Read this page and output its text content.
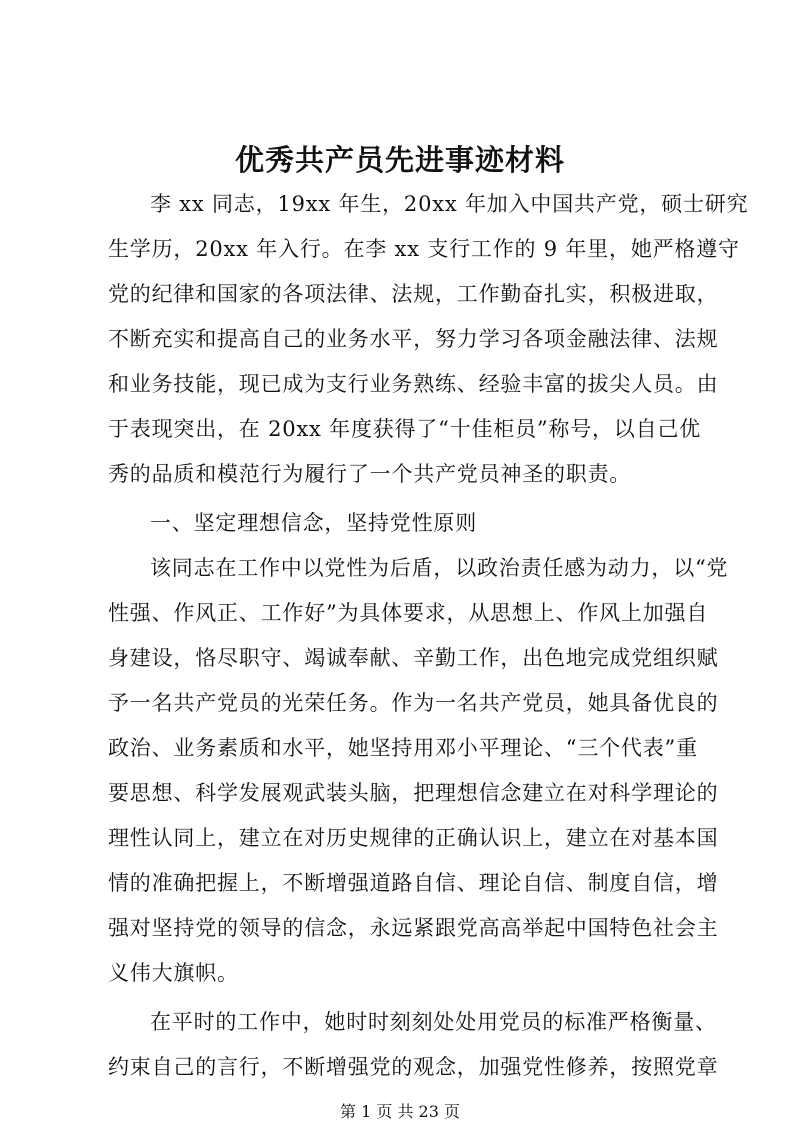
优秀共产员先进事迹材料
李 xx 同志，19xx 年生，20xx 年加入中国共产党，硕士研究
生学历，20xx 年入行。在李 xx 支行工作的 9 年里，她严格遵守
党的纪律和国家的各项法律、法规，工作勤奋扎实，积极进取，
不断充实和提高自己的业务水平，努力学习各项金融法律、法规
和业务技能，现已成为支行业务熟练、经验丰富的拔尖人员。由
于表现突出，在 20xx 年度获得了“十佳柜员”称号，以自己优
秀的品质和模范行为履行了一个共产党员神圣的职责。
一、坚定理想信念，坚持党性原则
该同志在工作中以党性为后盾，以政治责任感为动力，以“党
性强、作风正、工作好”为具体要求，从思想上、作风上加强自
身建设，恪尽职守、竭诚奉献、辛勤工作，出色地完成党组织赋
予一名共产党员的光荣任务。作为一名共产党员，她具备优良的
政治、业务素质和水平，她坚持用邓小平理论、“三个代表”重
要思想、科学发展观武装头脑，把理想信念建立在对科学理论的
理性认同上，建立在对历史规律的正确认识上，建立在对基本国
情的准确把握上，不断增强道路自信、理论自信、制度自信，增
强对坚持党的领导的信念，永远紧跟党高高举起中国特色社会主
义伟大旗帜。
在平时的工作中，她时时刻刻处处用党员的标准严格衡量、
约束自己的言行，不断增强党的观念，加强党性修养，按照党章
第 1 页 共 23 页
